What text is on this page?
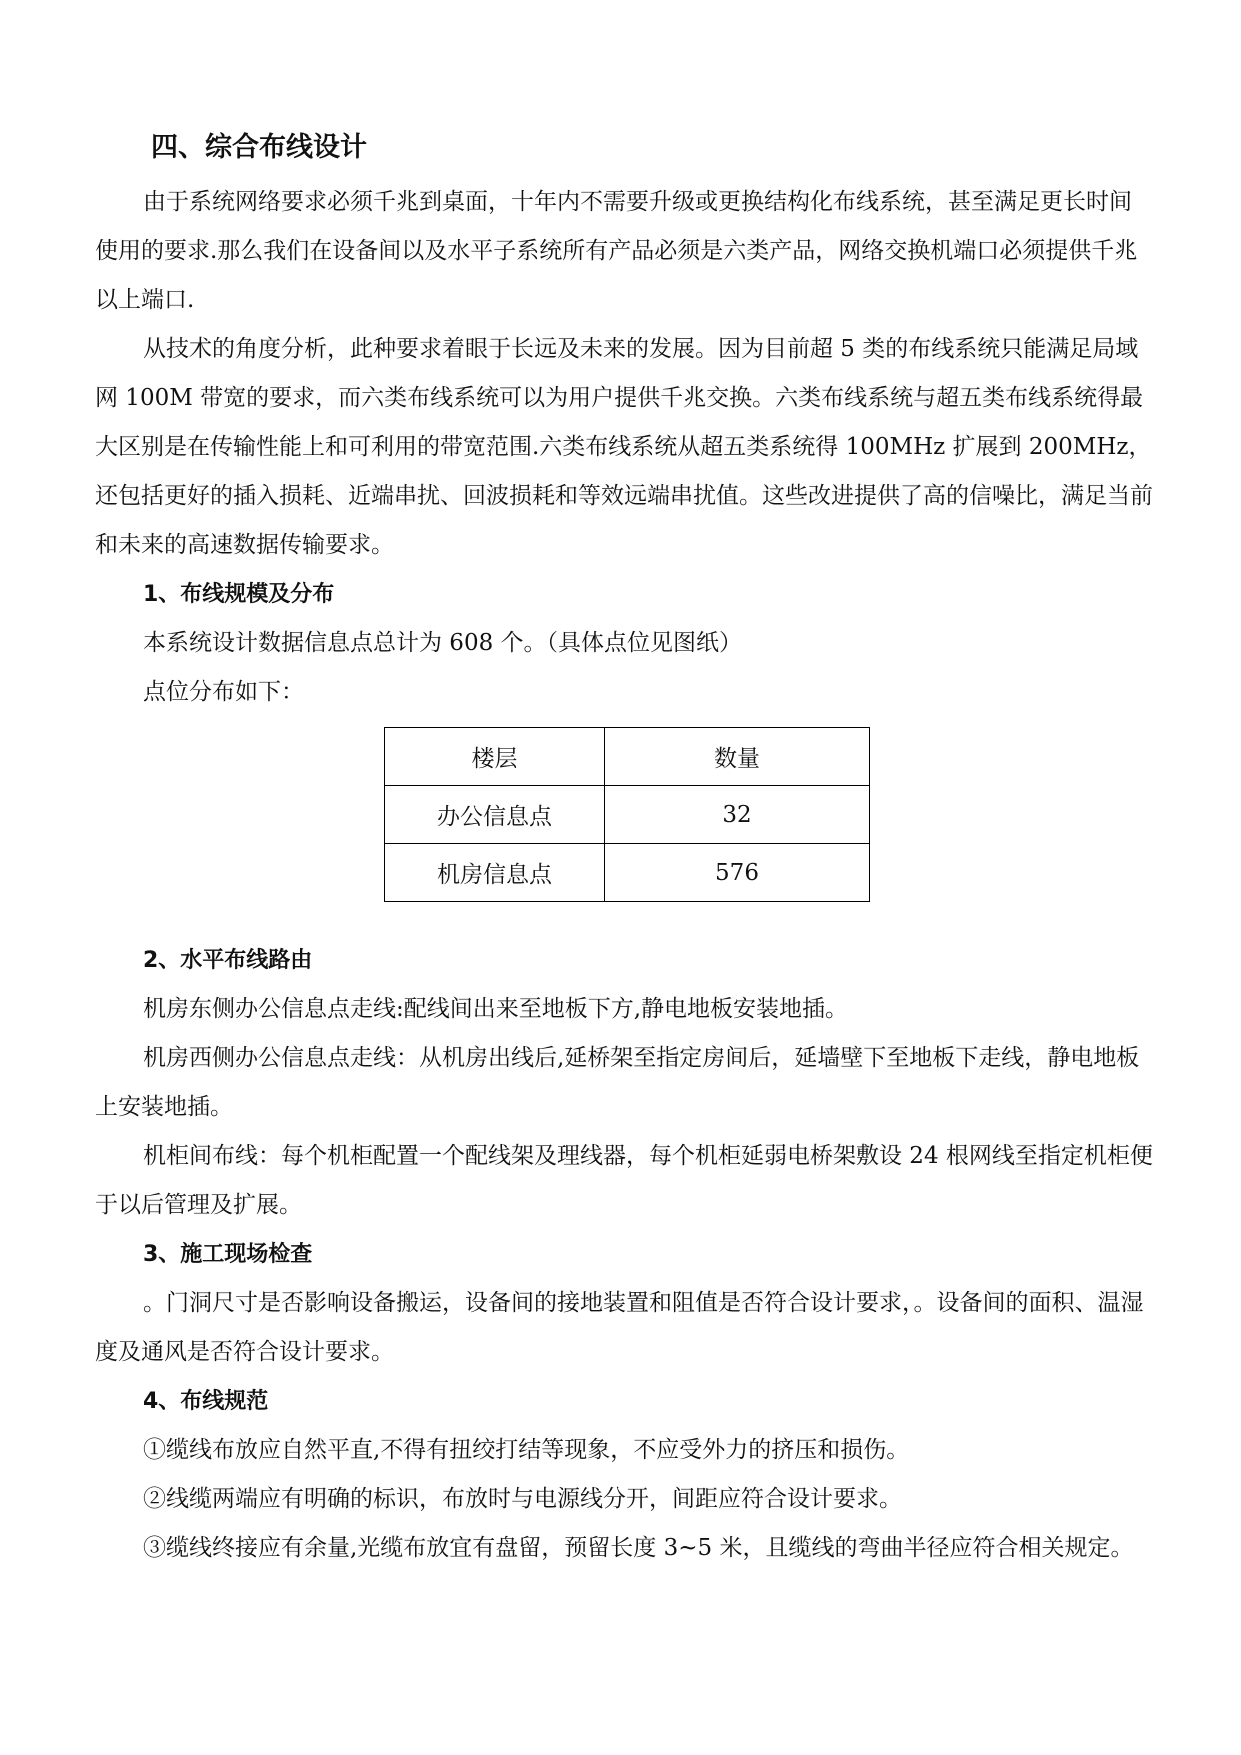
四、综合布线设计

由于系统网络要求必须千兆到桌面，十年内不需要升级或更换结构化布线系统，甚至满足更长时间使用的要求.那么我们在设备间以及水平子系统所有产品必须是六类产品，网络交换机端口必须提供千兆以上端口.

从技术的角度分析，此种要求着眼于长远及未来的发展。因为目前超 5 类的布线系统只能满足局域网 100M 带宽的要求，而六类布线系统可以为用户提供千兆交换。六类布线系统与超五类布线系统得最大区别是在传输性能上和可利用的带宽范围.六类布线系统从超五类系统得 100MHz 扩展到 200MHz，还包括更好的插入损耗、近端串扰、回波损耗和等效远端串扰值。这些改进提供了高的信噪比，满足当前和未来的高速数据传输要求。

1、布线规模及分布

本系统设计数据信息点总计为 608 个。（具体点位见图纸）

点位分布如下：

楼层	数量
办公信息点	32
机房信息点	576
2、水平布线路由

机房东侧办公信息点走线:配线间出来至地板下方,静电地板安装地插。

机房西侧办公信息点走线：从机房出线后,延桥架至指定房间后，延墙壁下至地板下走线，静电地板上安装地插。

机柜间布线：每个机柜配置一个配线架及理线器，每个机柜延弱电桥架敷设 24 根网线至指定机柜便于以后管理及扩展。

3、施工现场检查

。门洞尺寸是否影响设备搬运，设备间的接地装置和阻值是否符合设计要求，。设备间的面积、温湿度及通风是否符合设计要求。

4、布线规范

①缆线布放应自然平直,不得有扭绞打结等现象，不应受外力的挤压和损伤。

②线缆两端应有明确的标识，布放时与电源线分开，间距应符合设计要求。

③缆线终接应有余量,光缆布放宜有盘留，预留长度 3~5 米，且缆线的弯曲半径应符合相关规定。
